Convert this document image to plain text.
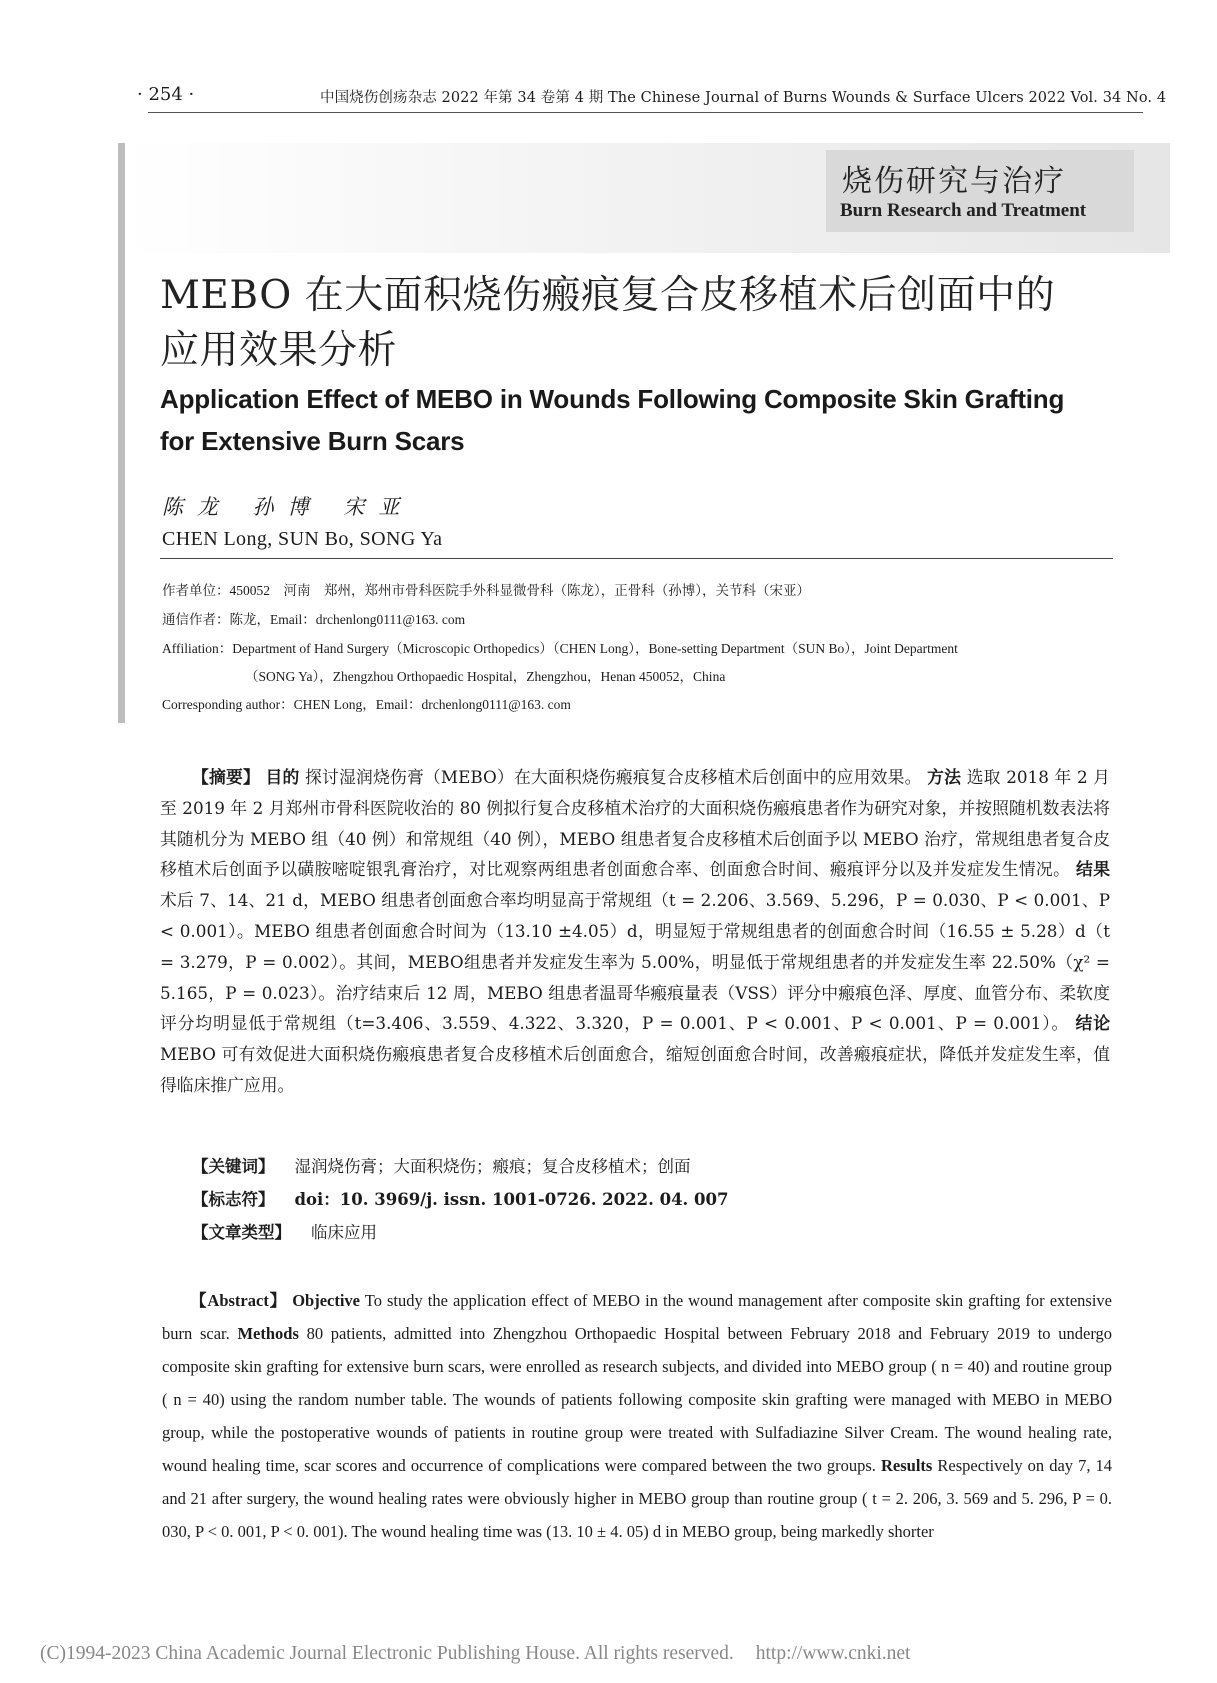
· 254 ·	中国烧伤创疡杂志 2022 年第 34 卷第 4 期 The Chinese Journal of Burns Wounds & Surface Ulcers 2022 Vol. 34 No. 4
烧伤研究与治疗
Burn Research and Treatment
MEBO 在大面积烧伤瘢痕复合皮移植术后创面中的
应用效果分析
Application Effect of MEBO in Wounds Following Composite Skin Grafting
for Extensive Burn Scars
陈龙 孙博 宋亚
CHEN Long, SUN Bo, SONG Ya
作者单位：450052　河南　郑州，郑州市骨科医院手外科显微骨科（陈龙），正骨科（孙博），关节科（宋亚）
通信作者：陈龙，Email：drchenlong0111@163. com
Affiliation：Department of Hand Surgery（Microscopic Orthopedics）（CHEN Long），Bone-setting Department（SUN Bo），Joint Department
（SONG Ya），Zhengzhou Orthopaedic Hospital，Zhengzhou，Henan 450052，China
Corresponding author：CHEN Long，Email：drchenlong0111@163. com
【摘要】 目的 探讨湿润烧伤膏（MEBO）在大面积烧伤瘢痕复合皮移植术后创面中的应用效果。 方法 选取 2018 年 2 月至 2019 年 2 月郑州市骨科医院收治的 80 例拟行复合皮移植术治疗的大面积烧伤瘢痕患者作为研究对象，并按照随机数表法将其随机分为 MEBO 组（40 例）和常规组（40 例），MEBO 组患者复合皮移植术后创面予以 MEBO 治疗，常规组患者复合皮移植术后创面予以磺胺嘧啶银乳膏治疗，对比观察两组患者创面愈合率、创面愈合时间、瘢痕评分以及并发症发生情况。 结果 术后 7、14、21 d，MEBO 组患者创面愈合率均明显高于常规组（t = 2.206、3.569、5.296，P = 0.030、P < 0.001、P < 0.001）。MEBO 组患者创面愈合时间为（13.10 ±4.05）d，明显短于常规组患者的创面愈合时间（16.55 ± 5.28）d（t = 3.279，P = 0.002）。其间，MEBO组患者并发症发生率为 5.00%，明显低于常规组患者的并发症发生率 22.50%（χ² = 5.165，P = 0.023）。治疗结束后 12 周，MEBO 组患者温哥华瘢痕量表（VSS）评分中瘢痕色泽、厚度、血管分布、柔软度评分均明显低于常规组（t=3.406、3.559、4.322、3.320，P = 0.001、P < 0.001、P < 0.001、P = 0.001）。 结论 MEBO 可有效促进大面积烧伤瘢痕患者复合皮移植术后创面愈合，缩短创面愈合时间，改善瘢痕症状，降低并发症发生率，值得临床推广应用。
【关键词】 湿润烧伤膏；大面积烧伤；瘢痕；复合皮移植术；创面
【标志符】 doi：10. 3969/j. issn. 1001-0726. 2022. 04. 007
【文章类型】 临床应用
【Abstract】 Objective To study the application effect of MEBO in the wound management after composite skin grafting for extensive burn scar. Methods 80 patients, admitted into Zhengzhou Orthopaedic Hospital between February 2018 and February 2019 to undergo composite skin grafting for extensive burn scars, were enrolled as research subjects, and divided into MEBO group ( n = 40) and routine group ( n = 40) using the random number table. The wounds of patients following composite skin grafting were managed with MEBO in MEBO group, while the postoperative wounds of patients in routine group were treated with Sulfadiazine Silver Cream. The wound healing rate, wound healing time, scar scores and occurrence of complications were compared between the two groups. Results Respectively on day 7, 14 and 21 after surgery, the wound healing rates were obviously higher in MEBO group than routine group ( t = 2. 206, 3. 569 and 5. 296, P = 0. 030, P < 0. 001, P < 0. 001). The wound healing time was (13. 10 ± 4. 05) d in MEBO group, being markedly shorter
(C)1994-2023 China Academic Journal Electronic Publishing House. All rights reserved. http://www.cnki.net
